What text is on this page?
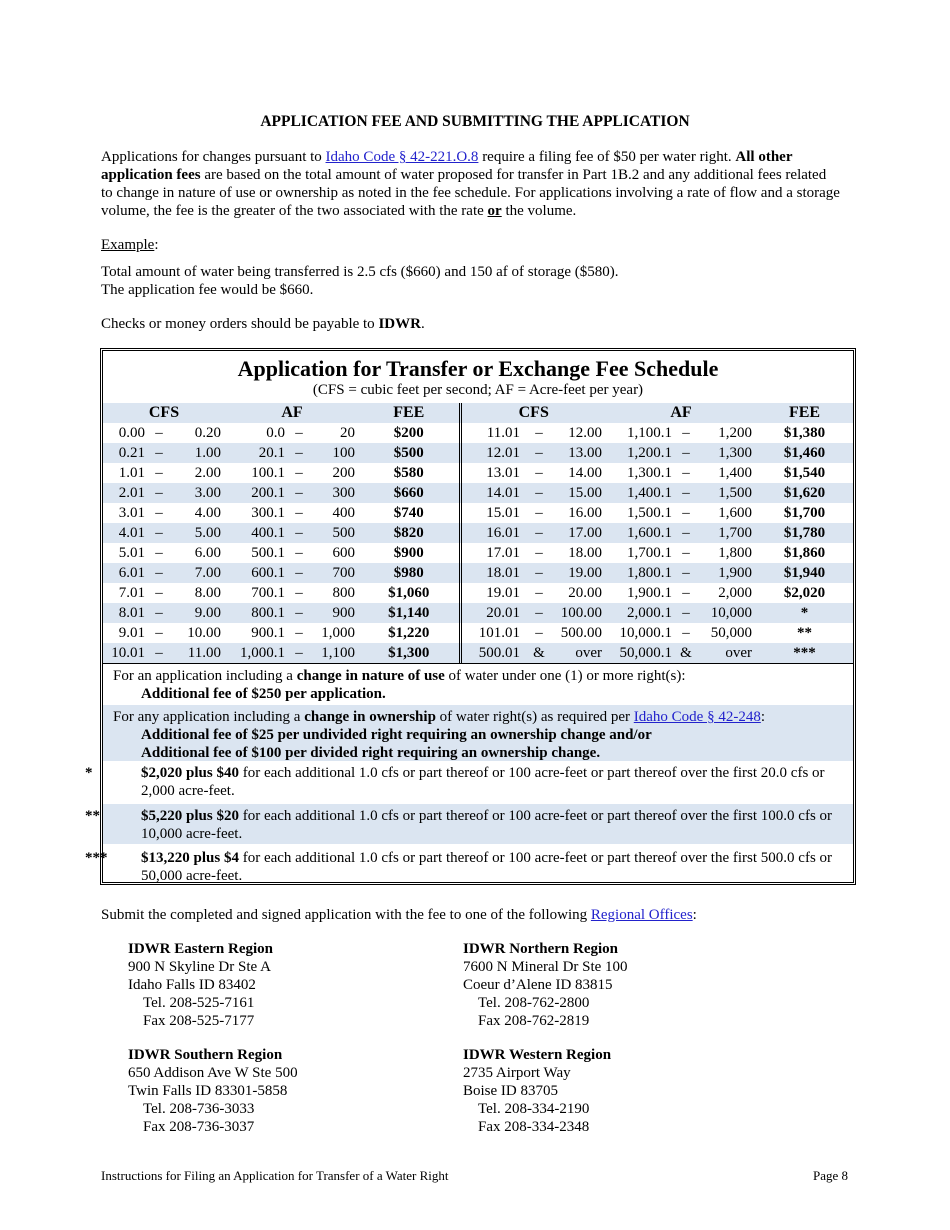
APPLICATION FEE AND SUBMITTING THE APPLICATION
Applications for changes pursuant to Idaho Code § 42-221.O.8 require a filing fee of $50 per water right. All other application fees are based on the total amount of water proposed for transfer in Part 1B.2 and any additional fees related to change in nature of use or ownership as noted in the fee schedule. For applications involving a rate of flow and a storage volume, the fee is the greater of the two associated with the rate or the volume.
Example:
Total amount of water being transferred is 2.5 cfs ($660) and 150 af of storage ($580).
The application fee would be $660.
Checks or money orders should be payable to IDWR.
Application for Transfer or Exchange Fee Schedule
(CFS = cubic feet per second; AF = Acre-feet per year)
CFS			AF			FEE	CFS			AF			FEE
0.00	–	0.20	0.0	–	20	$200	11.01	–	12.00	1,100.1	–	1,200	$1,380
0.21	–	1.00	20.1	–	100	$500	12.01	–	13.00	1,200.1	–	1,300	$1,460
1.01	–	2.00	100.1	–	200	$580	13.01	–	14.00	1,300.1	–	1,400	$1,540
2.01	–	3.00	200.1	–	300	$660	14.01	–	15.00	1,400.1	–	1,500	$1,620
3.01	–	4.00	300.1	–	400	$740	15.01	–	16.00	1,500.1	–	1,600	$1,700
4.01	–	5.00	400.1	–	500	$820	16.01	–	17.00	1,600.1	–	1,700	$1,780
5.01	–	6.00	500.1	–	600	$900	17.01	–	18.00	1,700.1	–	1,800	$1,860
6.01	–	7.00	600.1	–	700	$980	18.01	–	19.00	1,800.1	–	1,900	$1,940
7.01	–	8.00	700.1	–	800	$1,060	19.01	–	20.00	1,900.1	–	2,000	$2,020
8.01	–	9.00	800.1	–	900	$1,140	20.01	–	100.00	2,000.1	–	10,000	*
9.01	–	10.00	900.1	–	1,000	$1,220	101.01	–	500.00	10,000.1	–	50,000	**
10.01	–	11.00	1,000.1	–	1,100	$1,300	500.01	&	over	50,000.1	&	over	***
For an application including a change in nature of use of water under one (1) or more right(s):
Additional fee of $250 per application.
For any application including a change in ownership of water right(s) as required per Idaho Code § 42-248:
Additional fee of $25 per undivided right requiring an ownership change and/or
Additional fee of $100 per divided right requiring an ownership change.
*	$2,020 plus $40 for each additional 1.0 cfs or part thereof or 100 acre-feet or part thereof over the first 20.0 cfs or 2,000 acre-feet.
**	$5,220 plus $20 for each additional 1.0 cfs or part thereof or 100 acre-feet or part thereof over the first 100.0 cfs or 10,000 acre-feet.
*** $13,220 plus $4 for each additional 1.0 cfs or part thereof or 100 acre-feet or part thereof over the first 500.0 cfs or 50,000 acre-feet.
Submit the completed and signed application with the fee to one of the following Regional Offices:
IDWR Eastern Region
900 N Skyline Dr Ste A
Idaho Falls ID 83402
Tel. 208-525-7161
Fax 208-525-7177
IDWR Northern Region
7600 N Mineral Dr Ste 100
Coeur d’Alene ID 83815
Tel. 208-762-2800
Fax 208-762-2819
IDWR Southern Region
650 Addison Ave W Ste 500
Twin Falls ID 83301-5858
Tel. 208-736-3033
Fax 208-736-3037
IDWR Western Region
2735 Airport Way
Boise ID 83705
Tel. 208-334-2190
Fax 208-334-2348
Instructions for Filing an Application for Transfer of a Water Right	Page 8
